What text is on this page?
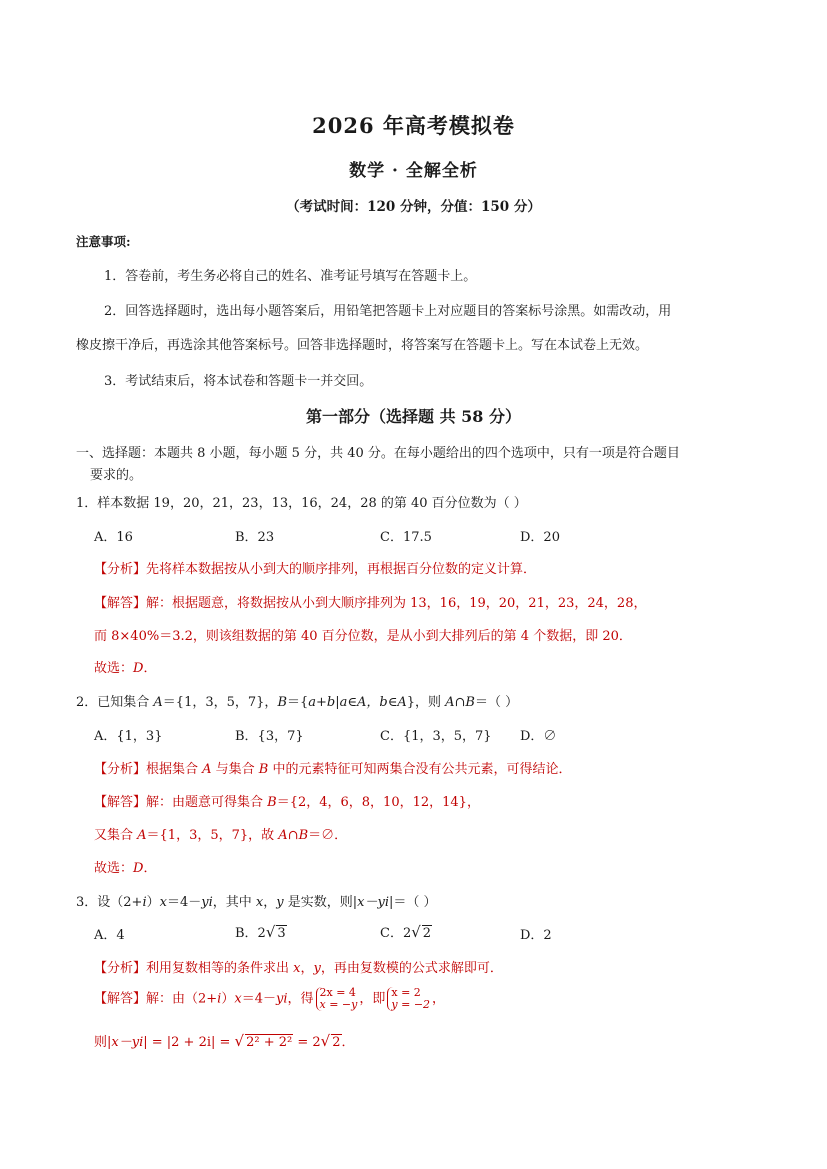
2026 年高考模拟卷
数学 · 全解全析
（考试时间：120 分钟，分值：150 分）
注意事项:
1．答卷前，考生务必将自己的姓名、准考证号填写在答题卡上。
2．回答选择题时，选出每小题答案后，用铅笔把答题卡上对应题目的答案标号涂黑。如需改动，用
橡皮擦干净后，再选涂其他答案标号。回答非选择题时，将答案写在答题卡上。写在本试卷上无效。
3．考试结束后，将本试卷和答题卡一并交回。
第一部分（选择题 共 58 分）
一、选择题：本题共 8 小题，每小题 5 分，共 40 分。在每小题给出的四个选项中，只有一项是符合题目
要求的。
1．样本数据 19，20，21，23，13，16，24，28 的第 40 百分位数为（ ）
A．16	B．23	C．17.5	D．20
【分析】先将样本数据按从小到大的顺序排列，再根据百分位数的定义计算．
【解答】解：根据题意，将数据按从小到大顺序排列为 13，16，19，20，21，23，24，28，
而 8×40%＝3.2，则该组数据的第 40 百分位数，是从小到大排列后的第 4 个数据，即 20．
故选：D．
2．已知集合 A＝{1，3，5，7}，B＝{a+b|a∈A，b∈A}，则 A∩B＝（ ）
A．{1，3}	B．{3，7}	C．{1，3，5，7} D．∅
【分析】根据集合 A 与集合 B 中的元素特征可知两集合没有公共元素，可得结论．
【解答】解：由题意可得集合 B＝{2，4，6，8，10，12，14}，
又集合 A＝{1，3，5，7}，故 A∩B＝∅．
故选：D．
3．设（2+i）x＝4－yi，其中 x，y 是实数，则|x－yi|＝（ ）
A．4	B．2√ 3	C．2√ 2	D．2
【分析】利用复数相等的条件求出 x，y，再由复数模的公式求解即可．
【解答】解：由（2+i）x＝4－yi，得 2x = 4
x = −y ，即 x = 2
y = −2 ，
则|x－yi| = |2 + 2i| = √ 2² + 2² = 2√ 2．
